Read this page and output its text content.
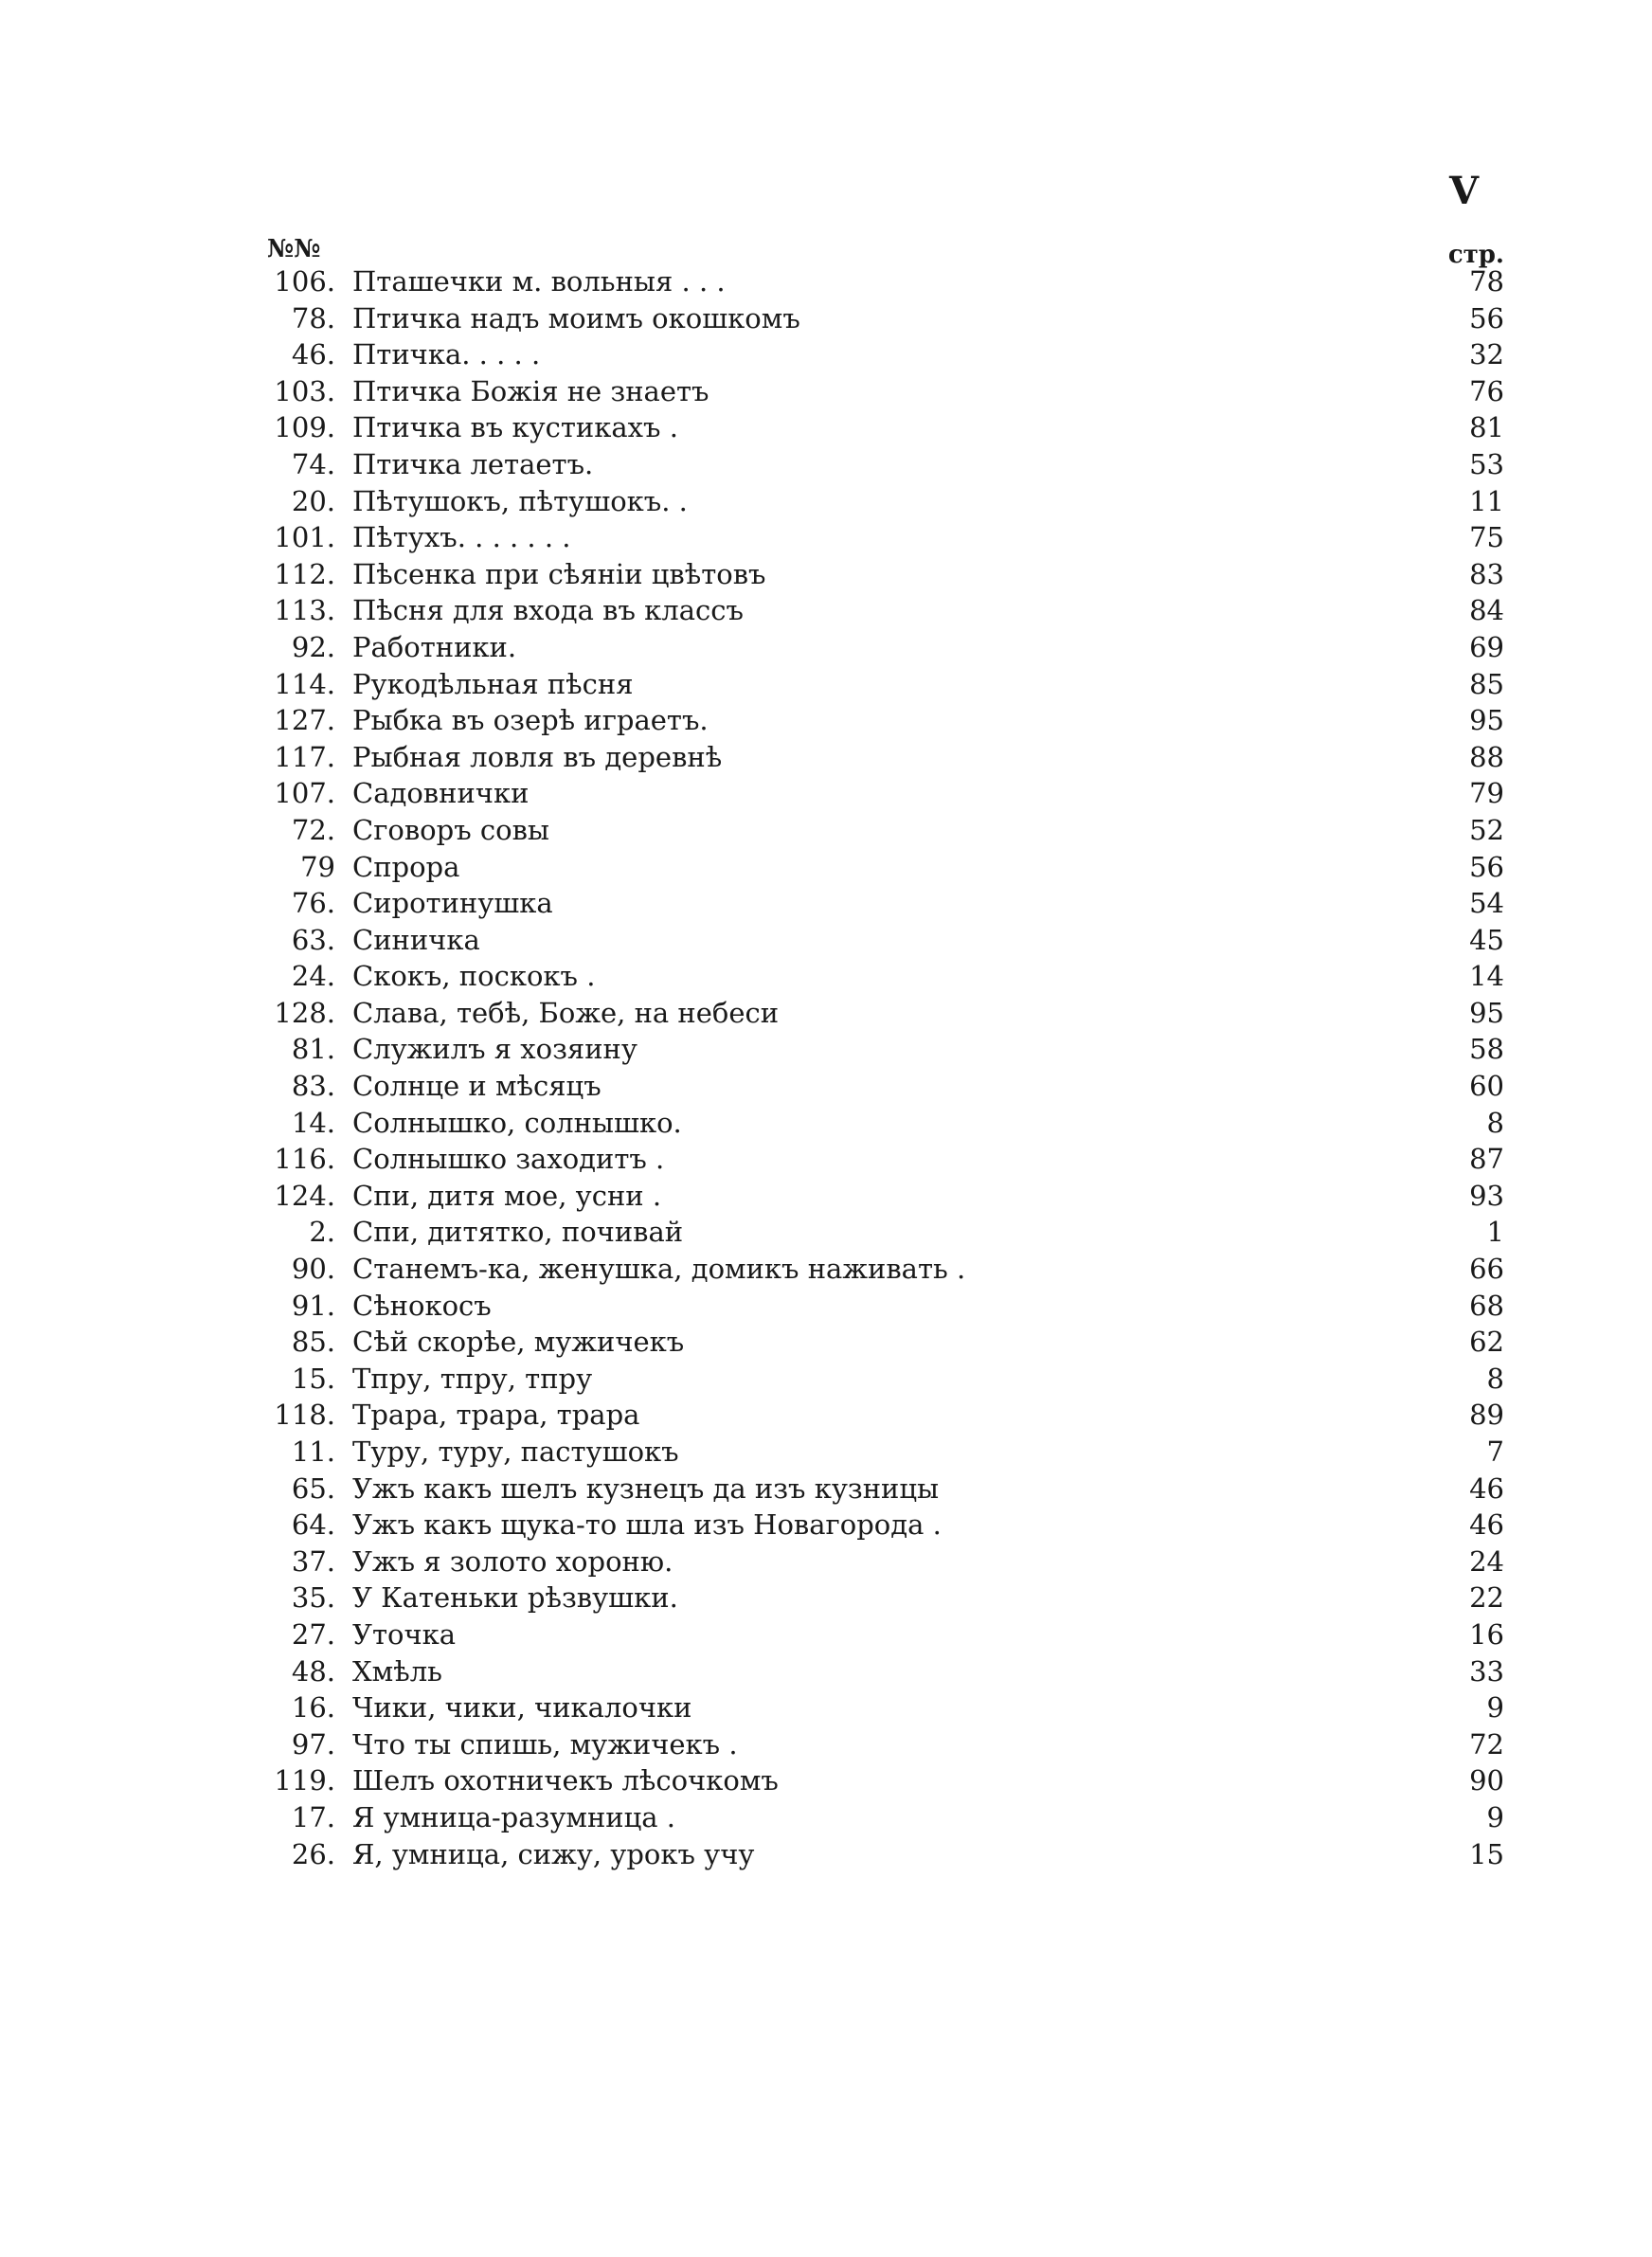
V
№№	стр.
106. Пташечки м. вольныя . . .	78
78. Птичка надъ моимъ окошкомъ	56
46. Птичка. . . . .	32
103. Птичка Божія не знаетъ	76
109. Птичка въ кустикахъ .	81
74. Птичка летаетъ.	53
20. Пѣтушокъ, пѣтушокъ. .	11
101. Пѣтухъ. . . . . . .	75
112. Пѣсенка при сѣяніи цвѣтовъ	83
113. Пѣсня для входа въ классъ	84
92. Работники.	69
114. Рукодѣльная пѣсня	85
127. Рыбка въ озерѣ играетъ.	95
117. Рыбная ловля въ деревнѣ	88
107. Садовнички	79
72. Сговоръ совы	52
79 Спрора	56
76. Сиротинушка	54
63. Синичка	45
24. Скокъ, поскокъ .	14
128. Слава, тебѣ, Боже, на небеси	95
81. Служилъ я хозяину	58
83. Солнце и мѣсяцъ	60
14. Солнышко, солнышко.	8
116. Солнышко заходитъ .	87
124. Спи, дитя мое, усни .	93
2. Спи, дитятко, почивай	1
90. Станемъ-ка, женушка, домикъ наживать .	66
91. Сѣнокосъ	68
85. Сѣй скорѣе, мужичекъ	62
15. Тпру, тпру, тпру	8
118. Трара, трара, трара	89
11. Туру, туру, пастушокъ	7
65. Ужъ какъ шелъ кузнецъ да изъ кузницы	46
64. Ужъ какъ щука-то шла изъ Новагорода .	46
37. Ужъ я золото хороню.	24
35. У Катеньки рѣзвушки.	22
27. Уточка	16
48. Хмѣль	33
16. Чики, чики, чикалочки	9
97. Что ты спишь, мужичекъ .	72
119. Шелъ охотничекъ лѣсочкомъ	90
17. Я умница-разумница .	9
26. Я, умница, сижу, урокъ учу	15
